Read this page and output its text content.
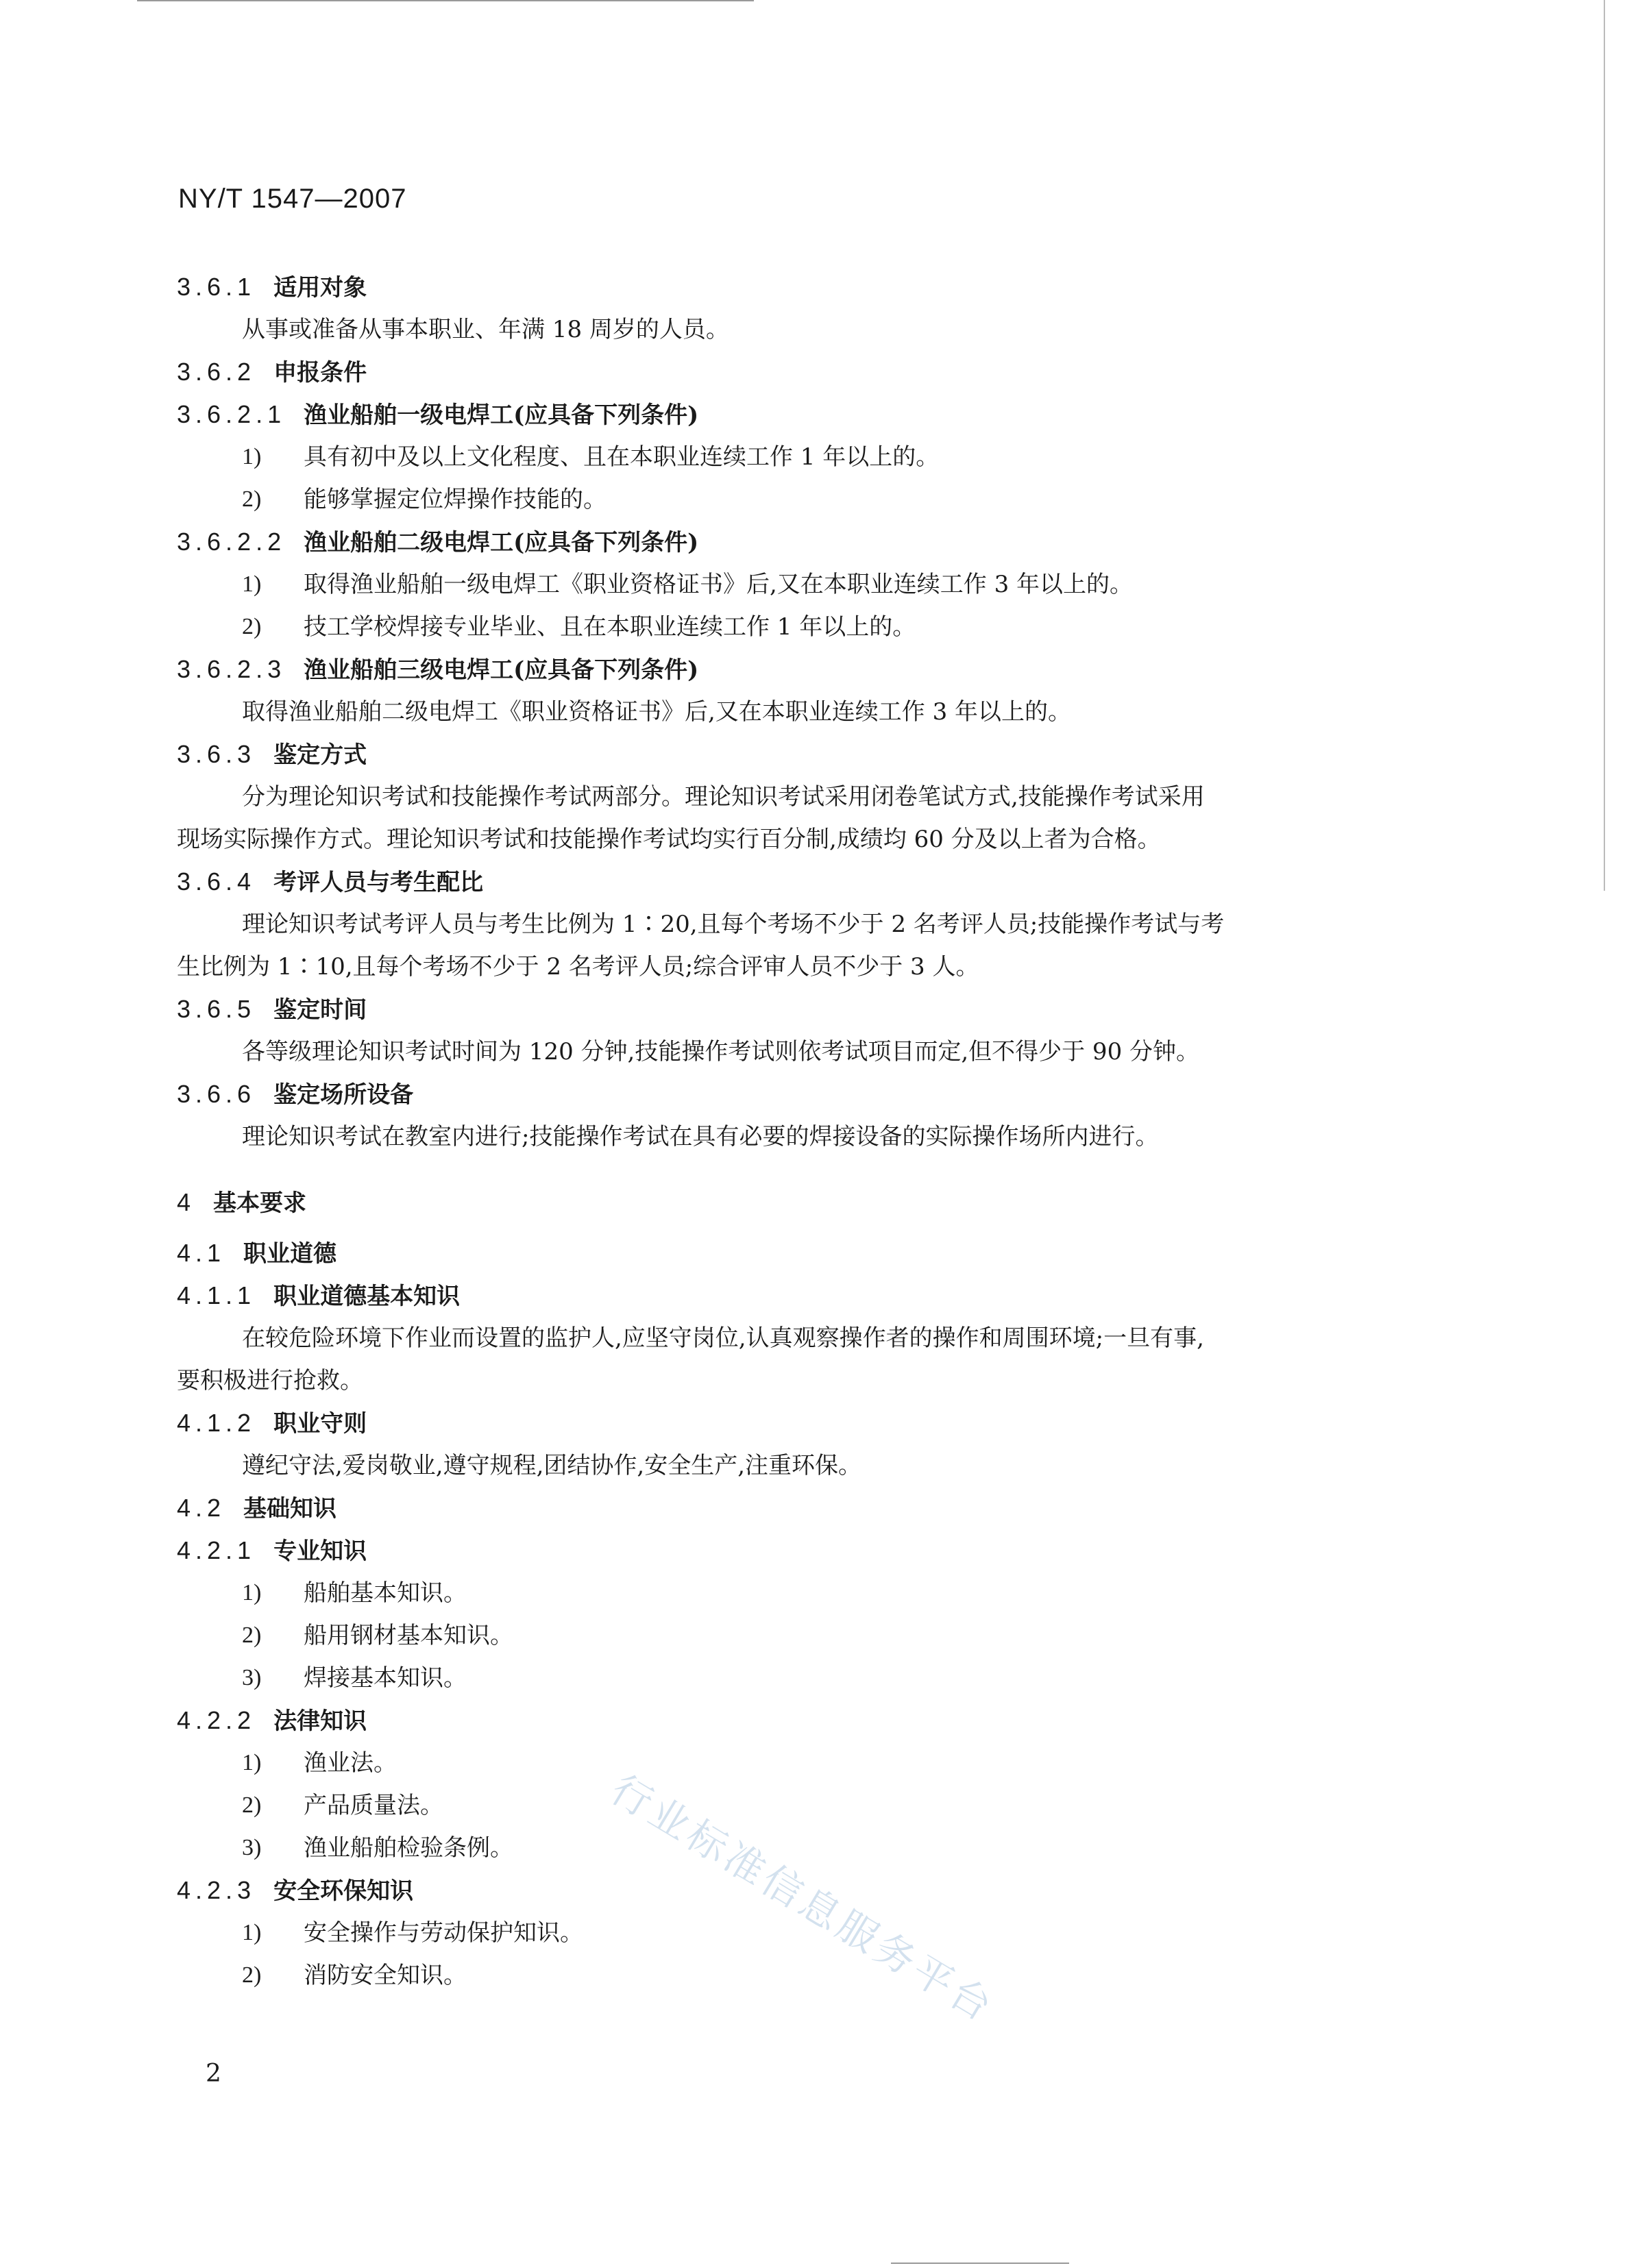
NY/T 1547—2007
3.6.1 适用对象
从事或准备从事本职业、年满 18 周岁的人员。
3.6.2 申报条件
3.6.2.1 渔业船舶一级电焊工(应具备下列条件)
1)	具有初中及以上文化程度、且在本职业连续工作 1 年以上的。
2)	能够掌握定位焊操作技能的。
3.6.2.2 渔业船舶二级电焊工(应具备下列条件)
1)	取得渔业船舶一级电焊工《职业资格证书》后,又在本职业连续工作 3 年以上的。
2)	技工学校焊接专业毕业、且在本职业连续工作 1 年以上的。
3.6.2.3 渔业船舶三级电焊工(应具备下列条件)
取得渔业船舶二级电焊工《职业资格证书》后,又在本职业连续工作 3 年以上的。
3.6.3 鉴定方式
分为理论知识考试和技能操作考试两部分。理论知识考试采用闭卷笔试方式,技能操作考试采用
现场实际操作方式。理论知识考试和技能操作考试均实行百分制,成绩均 60 分及以上者为合格。
3.6.4 考评人员与考生配比
理论知识考试考评人员与考生比例为 1∶20,且每个考场不少于 2 名考评人员;技能操作考试与考
生比例为 1∶10,且每个考场不少于 2 名考评人员;综合评审人员不少于 3 人。
3.6.5 鉴定时间
各等级理论知识考试时间为 120 分钟,技能操作考试则依考试项目而定,但不得少于 90 分钟。
3.6.6 鉴定场所设备
理论知识考试在教室内进行;技能操作考试在具有必要的焊接设备的实际操作场所内进行。
4 基本要求
4.1 职业道德
4.1.1 职业道德基本知识
在较危险环境下作业而设置的监护人,应坚守岗位,认真观察操作者的操作和周围环境;一旦有事,
要积极进行抢救。
4.1.2 职业守则
遵纪守法,爱岗敬业,遵守规程,团结协作,安全生产,注重环保。
4.2 基础知识
4.2.1 专业知识
1)	船舶基本知识。
2)	船用钢材基本知识。
3)	焊接基本知识。
4.2.2 法律知识
1)	渔业法。
2)	产品质量法。
3)	渔业船舶检验条例。
4.2.3 安全环保知识
1)	安全操作与劳动保护知识。
2)	消防安全知识。	行业标准信息服务平台
2
